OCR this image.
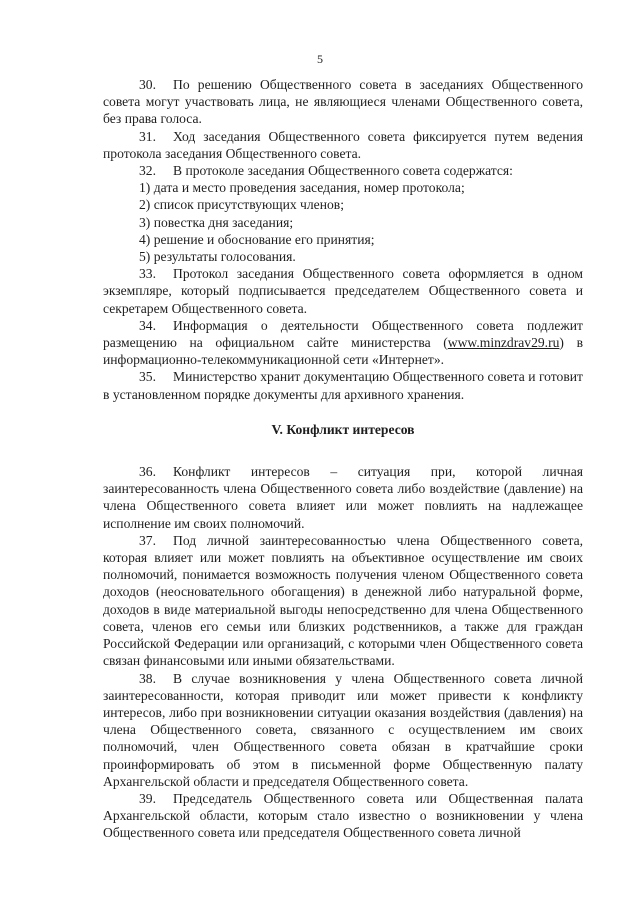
5

30. По решению Общественного совета в заседаниях Общественного совета могут участвовать лица, не являющиеся членами Общественного совета, без права голоса.

31. Ход заседания Общественного совета фиксируется путем ведения протокола заседания Общественного совета.

32. В протоколе заседания Общественного совета содержатся:

1) дата и место проведения заседания, номер протокола;

2) список присутствующих членов;

3) повестка дня заседания;

4) решение и обоснование его принятия;

5) результаты голосования.

33. Протокол заседания Общественного совета оформляется в одном экземпляре, который подписывается председателем Общественного совета и секретарем Общественного совета.

34. Информация о деятельности Общественного совета подлежит размещению на официальном сайте министерства (www.minzdrav29.ru) в информационно-телекоммуникационной сети «Интернет».

35. Министерство хранит документацию Общественного совета и готовит в установленном порядке документы для архивного хранения.

V. Конфликт интересов

36. Конфликт интересов – ситуация при, которой личная заинтересованность члена Общественного совета либо воздействие (давление) на члена Общественного совета влияет или может повлиять на надлежащее исполнение им своих полномочий.

37. Под личной заинтересованностью члена Общественного совета, которая влияет или может повлиять на объективное осуществление им своих полномочий, понимается возможность получения членом Общественного совета доходов (неосновательного обогащения) в денежной либо натуральной форме, доходов в виде материальной выгоды непосредственно для члена Общественного совета, членов его семьи или близких родственников, а также для граждан Российской Федерации или организаций, с которыми член Общественного совета связан финансовыми или иными обязательствами.

38. В случае возникновения у члена Общественного совета личной заинтересованности, которая приводит или может привести к конфликту интересов, либо при возникновении ситуации оказания воздействия (давления) на члена Общественного совета, связанного с осуществлением им своих полномочий, член Общественного совета обязан в кратчайшие сроки проинформировать об этом в письменной форме Общественную палату Архангельской области и председателя Общественного совета.

39. Председатель Общественного совета или Общественная палата Архангельской области, которым стало известно о возникновении у члена Общественного совета или председателя Общественного совета личной
